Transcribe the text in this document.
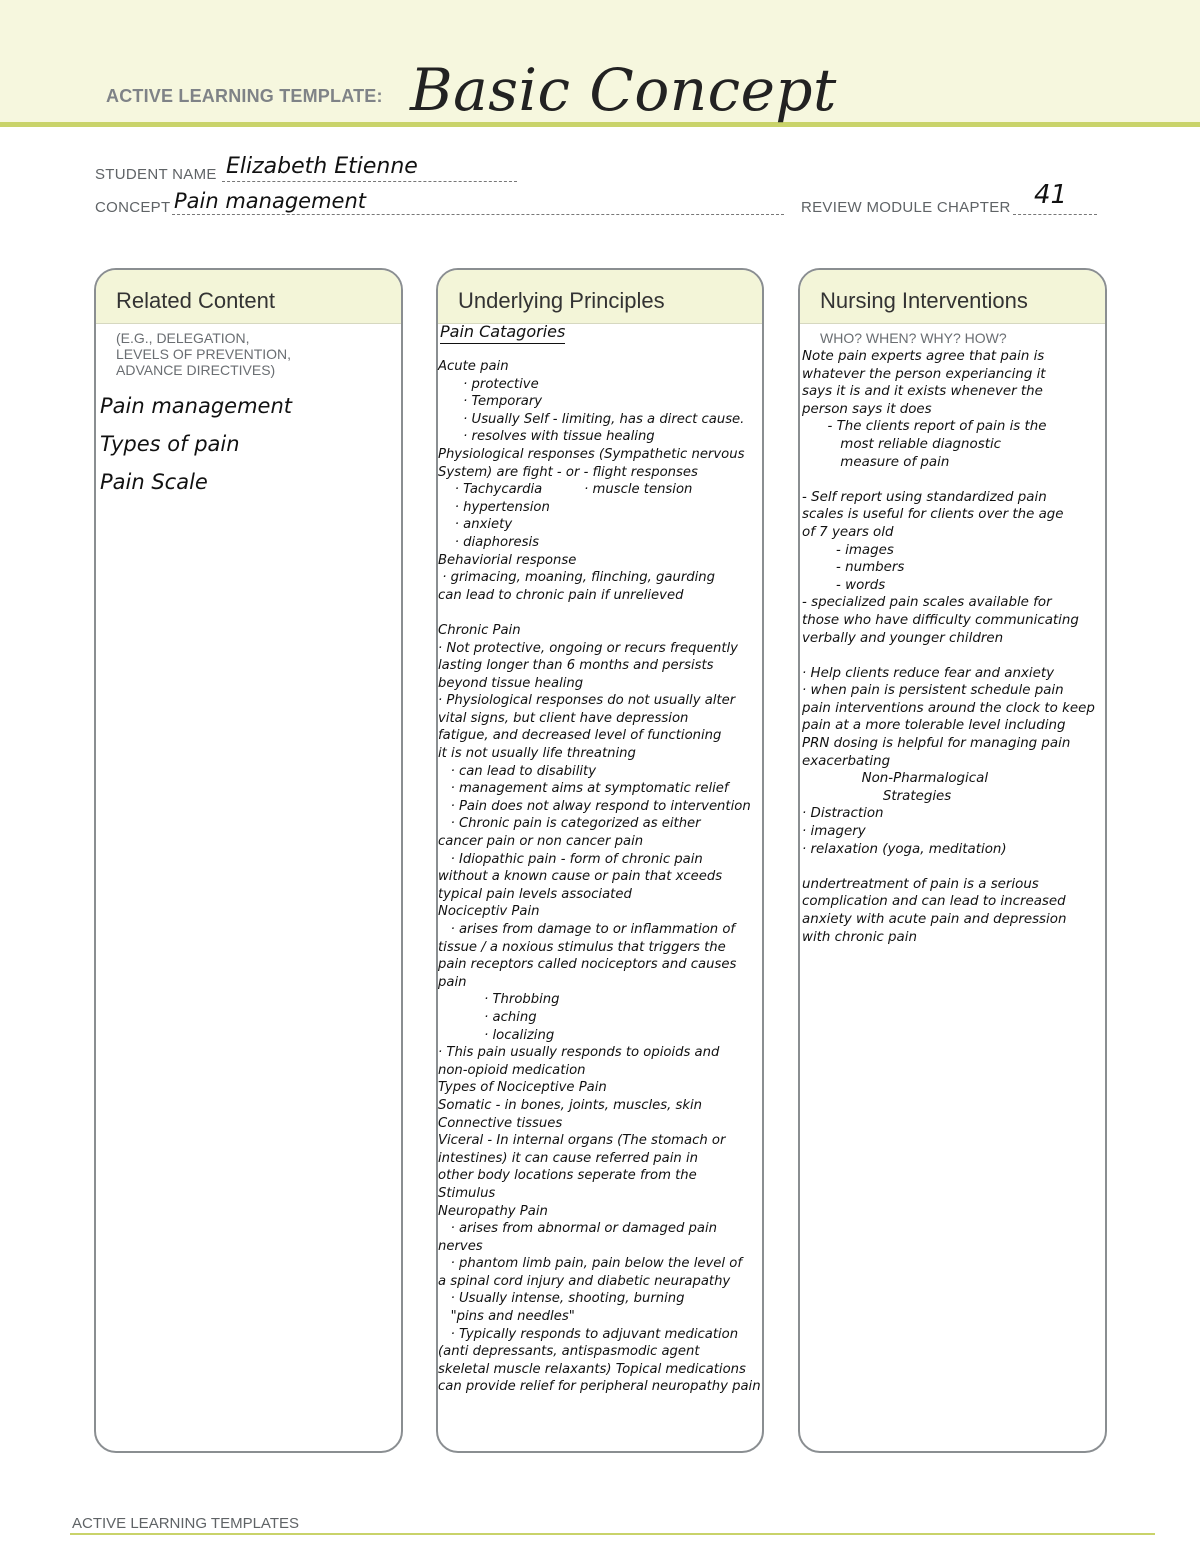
ACTIVE LEARNING TEMPLATE: Basic Concept
STUDENT NAME Elizabeth Etienne
CONCEPT Pain management	REVIEW MODULE CHAPTER 41
Related Content
(E.G., DELEGATION,
LEVELS OF PREVENTION,
ADVANCE DIRECTIVES)
Pain management
Types of pain
Pain Scale
Underlying Principles
Pain Catagories
Acute pain
· protective
· Temporary
· Usually Self - limiting, has a direct cause.
· resolves with tissue healing
Physiological responses (Sympathetic nervous
System) are fight - or - flight responses
· Tachycardia          · muscle tension
· hypertension
· anxiety
· diaphoresis
Behaviorial response
· grimacing, moaning, flinching, gaurding
can lead to chronic pain if unrelieved

Chronic Pain
· Not protective, ongoing or recurs frequently
lasting longer than 6 months and persists
beyond tissue healing
· Physiological responses do not usually alter
vital signs, but client have depression
fatigue, and decreased level of functioning
it is not usually life threatning
· can lead to disability
· management aims at symptomatic relief
· Pain does not alway respond to intervention
· Chronic pain is categorized as either
cancer pain or non cancer pain
· Idiopathic pain - form of chronic pain
without a known cause or pain that xceeds
typical pain levels associated
Nociceptiv Pain
· arises from damage to or inflammation of
tissue / a noxious stimulus that triggers the
pain receptors called nociceptors and causes
pain
· Throbbing
· aching
· localizing
· This pain usually responds to opioids and
non-opioid medication
Types of Nociceptive Pain
Somatic - in bones, joints, muscles, skin
Connective tissues
Viceral - In internal organs (The stomach or
intestines) it can cause referred pain in
other body locations seperate from the
Stimulus
Neuropathy Pain
· arises from abnormal or damaged pain
nerves
· phantom limb pain, pain below the level of
a spinal cord injury and diabetic neurapathy
· Usually intense, shooting, burning
"pins and needles"
· Typically responds to adjuvant medication
(anti depressants, antispasmodic agent
skeletal muscle relaxants) Topical medications
can provide relief for peripheral neuropathy pain
Nursing Interventions
WHO? WHEN? WHY? HOW?
Note pain experts agree that pain is
whatever the person experiancing it
says it is and it exists whenever the
person says it does
- The clients report of pain is the
most reliable diagnostic
measure of pain

- Self report using standardized pain
scales is useful for clients over the age
of 7 years old
- images
- numbers
- words
- specialized pain scales available for
those who have difficulty communicating
verbally and younger children

· Help clients reduce fear and anxiety
· when pain is persistent schedule pain
pain interventions around the clock to keep
pain at a more tolerable level including
PRN dosing is helpful for managing pain
exacerbating
Non-Pharmalogical
Strategies
· Distraction
· imagery
· relaxation (yoga, meditation)

undertreatment of pain is a serious
complication and can lead to increased
anxiety with acute pain and depression
with chronic pain
ACTIVE LEARNING TEMPLATES
